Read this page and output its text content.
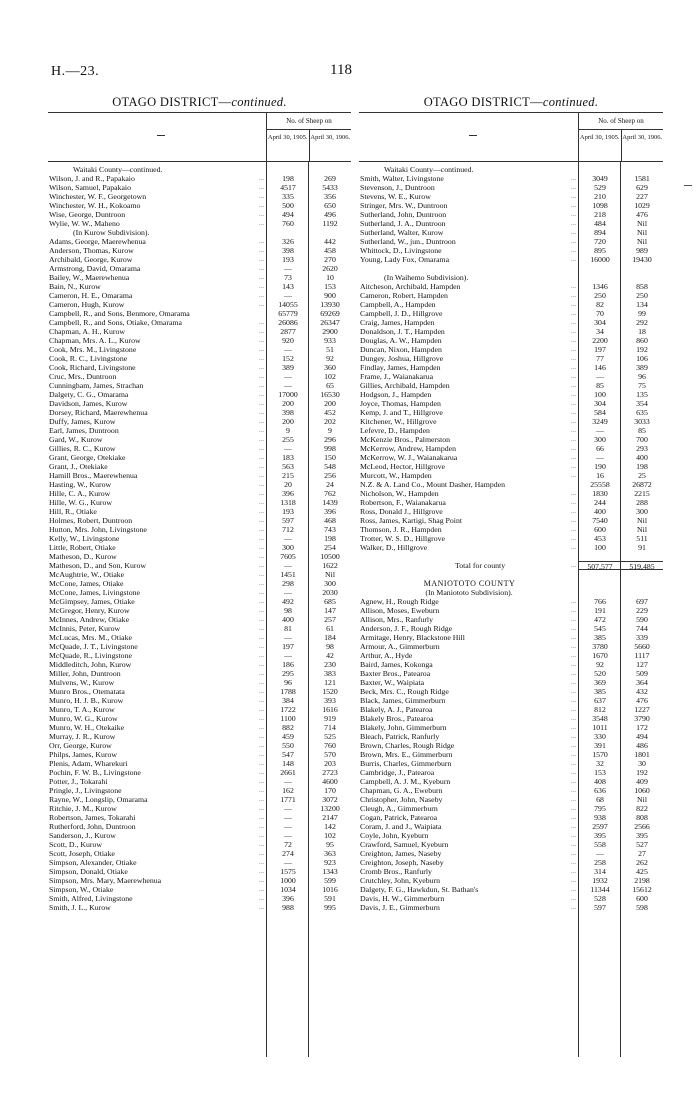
H.—23.	118
OTAGO DISTRICT—continued.
No. of Sheep on
April 30, 1905. April 30, 1906.
Waitaki County—continued.
Wilson, J. and R., Papakaio	...	198	269
Wilson, Samuel, Papakaio	...	4517	5433
Winchester, W. F., Georgetown	...	335	356
Winchester, W. H., Kokoamo	...	500	650
Wise, George, Duntroon	...	494	496
Wylie, W. W., Maheno	...	760	1192
(In Kurow Subdivision).
Adams, George, Maerewhenua	...	326	442
Anderson, Thomas, Kurow	...	398	458
Archibald, George, Kurow	...	193	270
Armstrong, David, Omarama	...	—	2620
Bailey, W., Maerewhenua	...	73	10
Bain, N., Kurow	...	143	153
Cameron, H. E., Omarama	...	—	900
Cameron, Hugh, Kurow	...	14055	13930
Campbell, R., and Sons, Benmore, Omarama	65779	69269
Campbell, R., and Sons, Otiake, Omarama	...	26086	26347
Chapman, A. H., Kurow	...	2877	2900
Chapman, Mrs. A. L., Kurow	...	920	933
Cook, Mrs. M., Livingstone	...	—	51
Cook, R. C., Livingstone	...	152	92
Cook, Richard, Livingstone	...	389	360
Cruc, Mrs., Duntroon	...	—	102
Cunningham, James, Strachan	...	—	65
Dalgety, C. G., Omarama	...	17000	16530
Davidson, James, Kurow	...	200	200
Dorsey, Richard, Maerewhenua	...	398	452
Duffy, James, Kurow	...	200	202
Earl, James, Duntroon	...	9	9
Gard, W., Kurow	...	255	296
Gillies, R. C., Kurow	...	—	998
Grant, George, Otekiake	...	183	150
Grant, J., Otekiake	...	563	548
Hamill Bros., Maerewhenua	...	215	256
Hasting, W., Kurow	...	20	24
Hille, C. A., Kurow	...	396	762
Hille, W. G., Kurow	...	1318	1439
Hill, R., Otiake	...	193	396
Holmes, Robert, Duntroon	...	597	468
Hutton, Mrs. John, Livingstone	...	712	743
Kelly, W., Livingstone	...	—	198
Little, Robert, Otiake	...	300	254
Matheson, D., Kurow	...	7605	10500
Matheson, D., and Son, Kurow	...	—	1622
McAughtrie, W., Otiake	...	1451	Nil
McCone, James, Otiake	...	298	300
McCone, James, Livingstone	...	—	2030
McGimpsey, James, Otiake	...	492	685
McGregor, Henry, Kurow	...	98	147
McInnes, Andrew, Otiake	...	400	257
McInnis, Peter, Kurow	...	81	61
McLucas, Mrs. M., Otiake	...	—	184
McQuade, J. T., Livingstone	...	197	98
McQuade, R., Livingstone	...	—	42
Middleditch, John, Kurow	...	186	230
Miller, John, Duntroon	...	295	383
Mulvens, W., Kurow	...	96	121
Munro Bros., Otematata	...	1788	1520
Munro, H. J. B., Kurow	...	384	393
Munro, T. A., Kurow	...	1722	1616
Munro, W. G., Kurow	...	1100	919
Munro, W. H., Otekaike	...	882	714
Murray, J. R., Kurow	...	459	525
Orr, George, Kurow	...	550	760
Philps, James, Kurow	...	547	570
Plenis, Adam, Wharekuri	...	148	203
Pochin, F. W. B., Livingstone	...	2661	2723
Potter, J., Tokarahi	...	—	4600
Pringle, J., Livingstone	...	162	170
Rayne, W., Longslip, Omarama	...	1771	3072
Ritchie, J. M., Kurow	...	—	13200
Robertson, James, Tokarahi	...	—	2147
Rutherford, John, Duntroon	...	—	142
Sanderson, J., Kurow	...	—	102
Scott, D., Kurow	...	72	95
Scott, Joseph, Otiake	...	274	363
Simpson, Alexander, Otiake	...	—	923
Simpson, Donald, Otiake	...	1575	1343
Simpson, Mrs. Mary, Maerewhenua	...	1000	599
Simpson, W., Otiake	...	1034	1016
Smith, Alfred, Livingstone	...	396	591
Smith, J. L., Kurow	...	988	995
OTAGO DISTRICT—continued.
No. of Sheep on
April 30, 1905. April 30, 1906.
Waitaki County—continued.
Smith, Walter, Livingstone	...	3049	1581
Stevenson, J., Duntroon	...	529	629
Stevens, W. E., Kurow	...	210	227
Stringer, Mrs. W., Duntroon	...	1098	1029
Sutherland, John, Duntroon	...	218	476
Sutherland, J. A., Duntroon	...	484	Nil
Sutherland, Walter, Kurow	...	894	Nil
Sutherland, W., jun., Duntroon	...	720	Nil
Whittock, D., Livingstone	...	895	989
Young, Lady Fox, Omarama	...	16000	19430
(In Waihemo Subdivision).
Aitcheson, Archibald, Hampden	...	1346	858
Cameron, Robert, Hampden	...	250	250
Campbell, A., Hampden	...	82	134
Campbell, J. D., Hillgrove	...	70	99
Craig, James, Hampden	...	304	292
Donaldson, J. T., Hampden	...	34	18
Douglas, A. W., Hampden	...	2200	860
Duncan, Nixon, Hampden	...	197	192
Dungey, Joshua, Hillgrove	...	77	106
Findlay, James, Hampden	...	146	389
Frame, J., Waianakarua	...	—	96
Gillies, Archibald, Hampden	...	85	75
Hodgson, J., Hampden	...	100	135
Joyce, Thomas, Hampden	...	304	354
Kemp, J. and T., Hillgrove	...	584	635
Kitchener, W., Hillgrove	...	3249	3033
Lefevre, D., Hampden	...	—	85
McKenzie Bros., Palmerston	...	300	700
McKerrow, Andrew, Hampden	...	66	293
McKerrow, W. J., Waianakarua	...	—	400
McLeod, Hector, Hillgrove	...	190	198
Murcott, W., Hampden	...	16	25
N.Z. & A. Land Co., Mount Dasher, Hampden	25558	26872
Nicholson, W., Hampden	...	1830	2215
Robertson, F., Waianakarua	...	244	288
Ross, Donald J., Hillgrove	...	400	300
Ross, James, Kartigi, Shag Point	...	7540	Nil
Thomson, J. R., Hampden	...	600	Nil
Trotter, W. S. D., Hillgrove	...	453	511
Walker, D., Hillgrove	...	100	91
Total for county	...	507,577	519,485
MANIOTOTO COUNTY
(In Maniototo Subdivision).
Agnew, H., Rough Ridge	...	766	697
Allison, Moses, Eweburn	...	191	229
Allison, Mrs., Ranfurly	...	472	590
Anderson, J. F., Rough Ridge	...	545	744
Armitage, Henry, Blackstone Hill	...	385	339
Armour, A., Gimmerburn	...	3780	5660
Arthur, A., Hyde	...	1670	1117
Baird, James, Kokonga	...	92	127
Baxter Bros., Patearoa	...	520	509
Baxter, W., Waipiata	...	369	364
Beck, Mrs. C., Rough Ridge	...	385	432
Black, James, Gimmerburn	...	637	476
Blakely, A. J., Patearoa	...	812	1227
Blakely Bros., Patearoa	...	3548	3790
Blakely, John, Gimmerburn	...	1011	172
Bleach, Patrick, Ranfurly	...	330	494
Brown, Charles, Rough Ridge	...	391	486
Brown, Mrs. E., Gimmerburn	...	1570	1801
Burris, Charles, Gimmerburn	...	32	30
Cambridge, J., Patearoa	...	153	192
Campbell, A. J. M., Kyeburn	...	408	409
Chapman, G. A., Eweburn	...	636	1060
Christopher, John, Naseby	...	68	Nil
Cleugh, A., Gimmerburn	...	795	822
Cogan, Patrick, Patearoa	...	938	808
Coram, J. and J., Waipiata	...	2597	2566
Coyle, John, Kyeburn	...	395	395
Crawford, Samuel, Kyeburn	...	558	527
Creighton, James, Naseby	...	—	27
Creighton, Joseph, Naseby	...	258	262
Cromb Bros., Ranfurly	...	314	425
Crutchley, John, Kyeburn	...	1932	2198
Dalgety, F. G., Hawkdun, St. Bathan's	...	11344	15612
Davis, H. W., Gimmerburn	...	528	600
Davis, J. E., Gimmerburn	...	597	598
